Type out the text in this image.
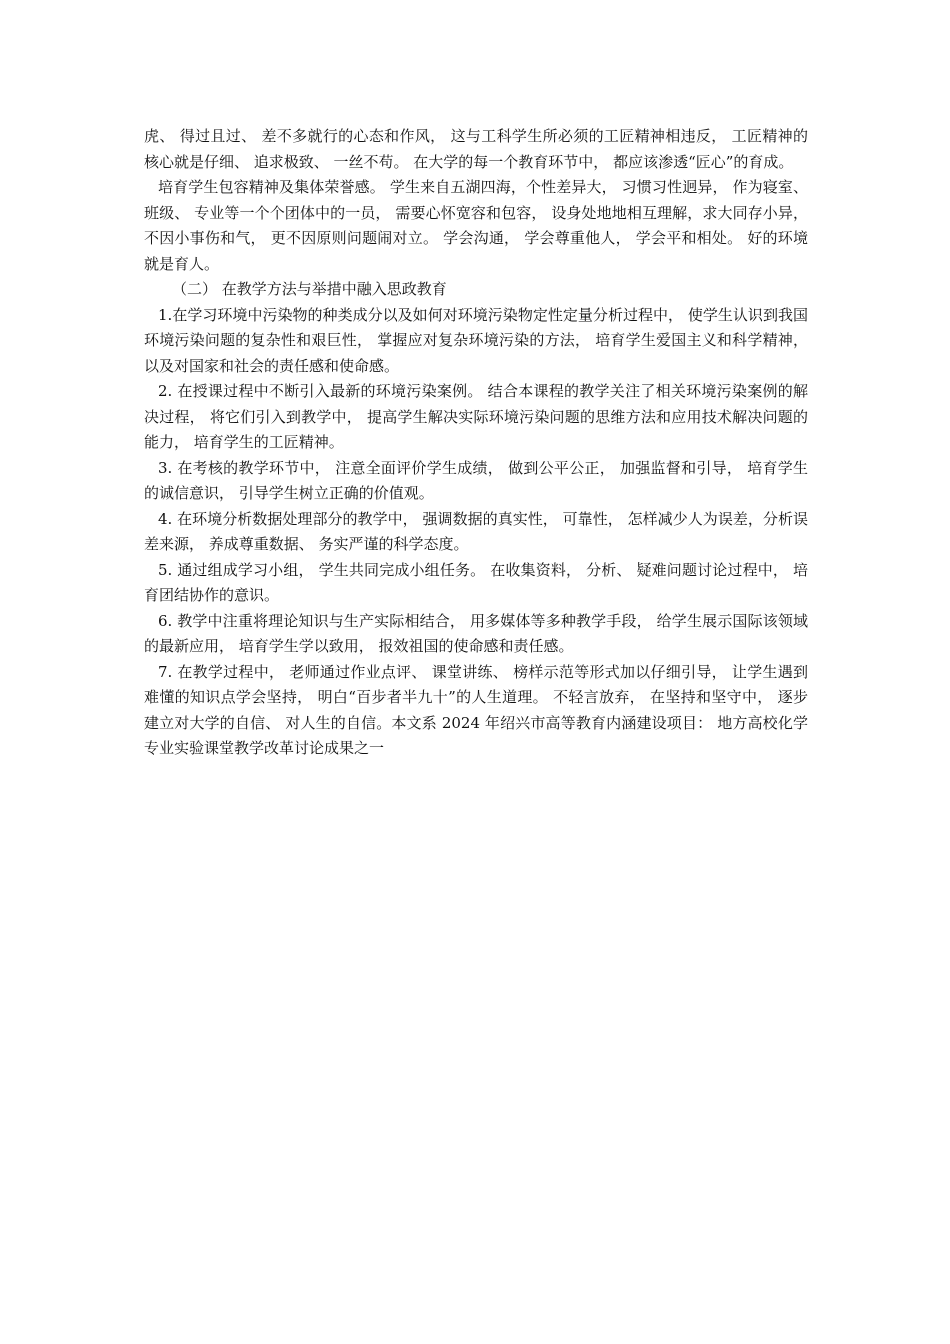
虎、 得过且过、 差不多就行的心态和作风， 这与工科学生所必须的工匠精神相违反， 工匠精神的核心就是仔细、 追求极致、 一丝不苟。 在大学的每一个教育环节中， 都应该渗透“匠心”的育成。

培育学生包容精神及集体荣誉感。 学生来自五湖四海，个性差异大， 习惯习性迥异， 作为寝室、 班级、 专业等一个个团体中的一员， 需要心怀宽容和包容， 设身处地地相互理解，求大同存小异， 不因小事伤和气， 更不因原则问题闹对立。 学会沟通， 学会尊重他人， 学会平和相处。 好的环境就是育人。

（二） 在教学方法与举措中融入思政教育

1.在学习环境中污染物的种类成分以及如何对环境污染物定性定量分析过程中， 使学生认识到我国环境污染问题的复杂性和艰巨性， 掌握应对复杂环境污染的方法， 培育学生爱国主义和科学精神， 以及对国家和社会的责任感和使命感。

2. 在授课过程中不断引入最新的环境污染案例。 结合本课程的教学关注了相关环境污染案例的解决过程， 将它们引入到教学中， 提高学生解决实际环境污染问题的思维方法和应用技术解决问题的能力， 培育学生的工匠精神。

3. 在考核的教学环节中， 注意全面评价学生成绩， 做到公平公正， 加强监督和引导， 培育学生的诚信意识， 引导学生树立正确的价值观。

4. 在环境分析数据处理部分的教学中， 强调数据的真实性， 可靠性， 怎样减少人为误差，分析误差来源， 养成尊重数据、 务实严谨的科学态度。

5. 通过组成学习小组， 学生共同完成小组任务。 在收集资料， 分析、 疑难问题讨论过程中， 培育团结协作的意识。

6. 教学中注重将理论知识与生产实际相结合， 用多媒体等多种教学手段， 给学生展示国际该领域的最新应用， 培育学生学以致用， 报效祖国的使命感和责任感。

7. 在教学过程中， 老师通过作业点评、 课堂讲练、 榜样示范等形式加以仔细引导， 让学生遇到难懂的知识点学会坚持， 明白“百步者半九十”的人生道理。 不轻言放弃， 在坚持和坚守中， 逐步建立对大学的自信、 对人生的自信。本文系 2024 年绍兴市高等教育内涵建设项目： 地方高校化学专业实验课堂教学改革讨论成果之一
